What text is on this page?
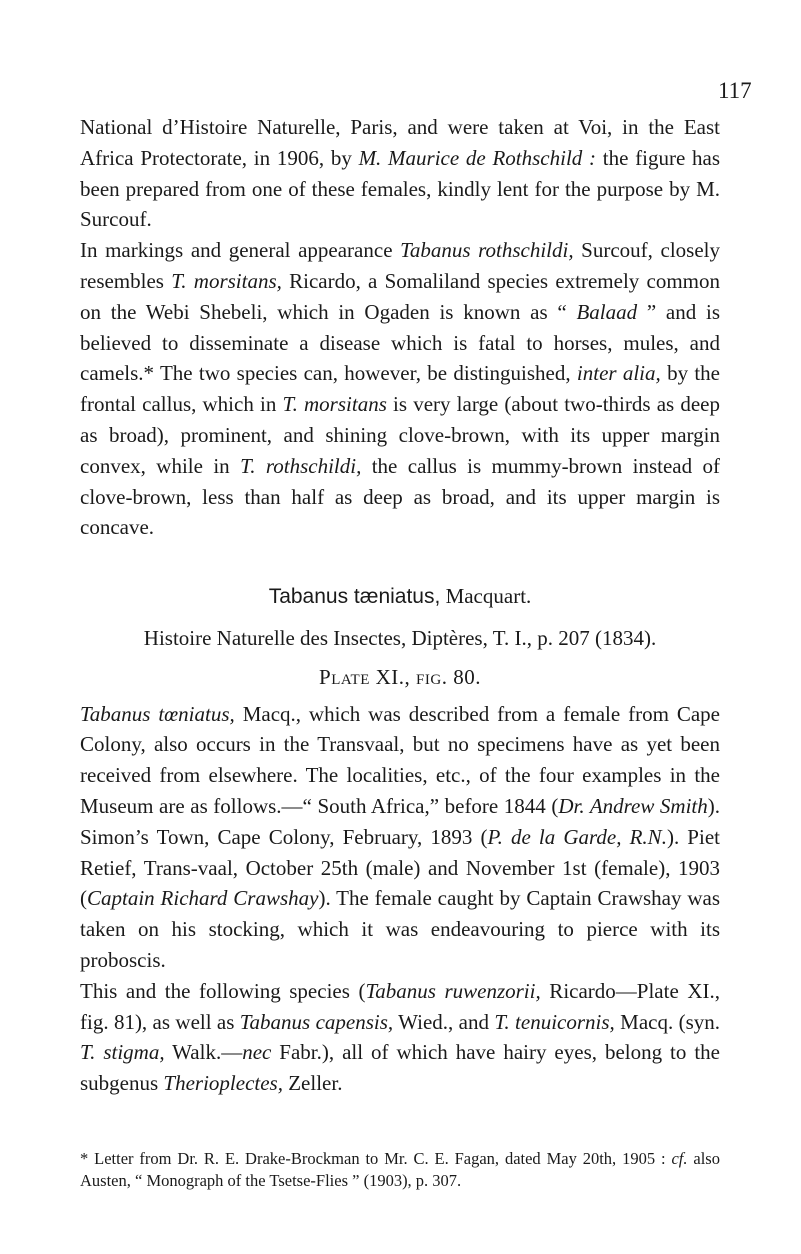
117

National d’Histoire Naturelle, Paris, and were taken at Voi, in the East Africa Protectorate, in 1906, by M. Maurice de Rothschild : the figure has been prepared from one of these females, kindly lent for the purpose by M. Surcouf.

In markings and general appearance Tabanus rothschildi, Surcouf, closely resembles T. morsitans, Ricardo, a Somaliland species extremely common on the Webi Shebeli, which in Ogaden is known as “ Balaad ” and is believed to disseminate a disease which is fatal to horses, mules, and camels.* The two species can, however, be distinguished, inter alia, by the frontal callus, which in T. morsitans is very large (about two-thirds as deep as broad), prominent, and shining clove-brown, with its upper margin convex, while in T. rothschildi, the callus is mummy-brown instead of clove-brown, less than half as deep as broad, and its upper margin is concave.

Tabanus tæniatus, Macquart.
Histoire Naturelle des Insectes, Diptères, T. I., p. 207 (1834).
Plate XI., fig. 80.

Tabanus tœniatus, Macq., which was described from a female from Cape Colony, also occurs in the Transvaal, but no specimens have as yet been received from elsewhere. The localities, etc., of the four examples in the Museum are as follows.—“ South Africa,” before 1844 (Dr. Andrew Smith). Simon’s Town, Cape Colony, February, 1893 (P. de la Garde, R.N.). Piet Retief, Trans-vaal, October 25th (male) and November 1st (female), 1903 (Captain Richard Crawshay). The female caught by Captain Crawshay was taken on his stocking, which it was endeavouring to pierce with its proboscis.

This and the following species (Tabanus ruwenzorii, Ricardo—Plate XI., fig. 81), as well as Tabanus capensis, Wied., and T. tenuicornis, Macq. (syn. T. stigma, Walk.—nec Fabr.), all of which have hairy eyes, belong to the subgenus Therioplectes, Zeller.

* Letter from Dr. R. E. Drake-Brockman to Mr. C. E. Fagan, dated May 20th, 1905 : cf. also Austen, “ Monograph of the Tsetse-Flies ” (1903), p. 307.
